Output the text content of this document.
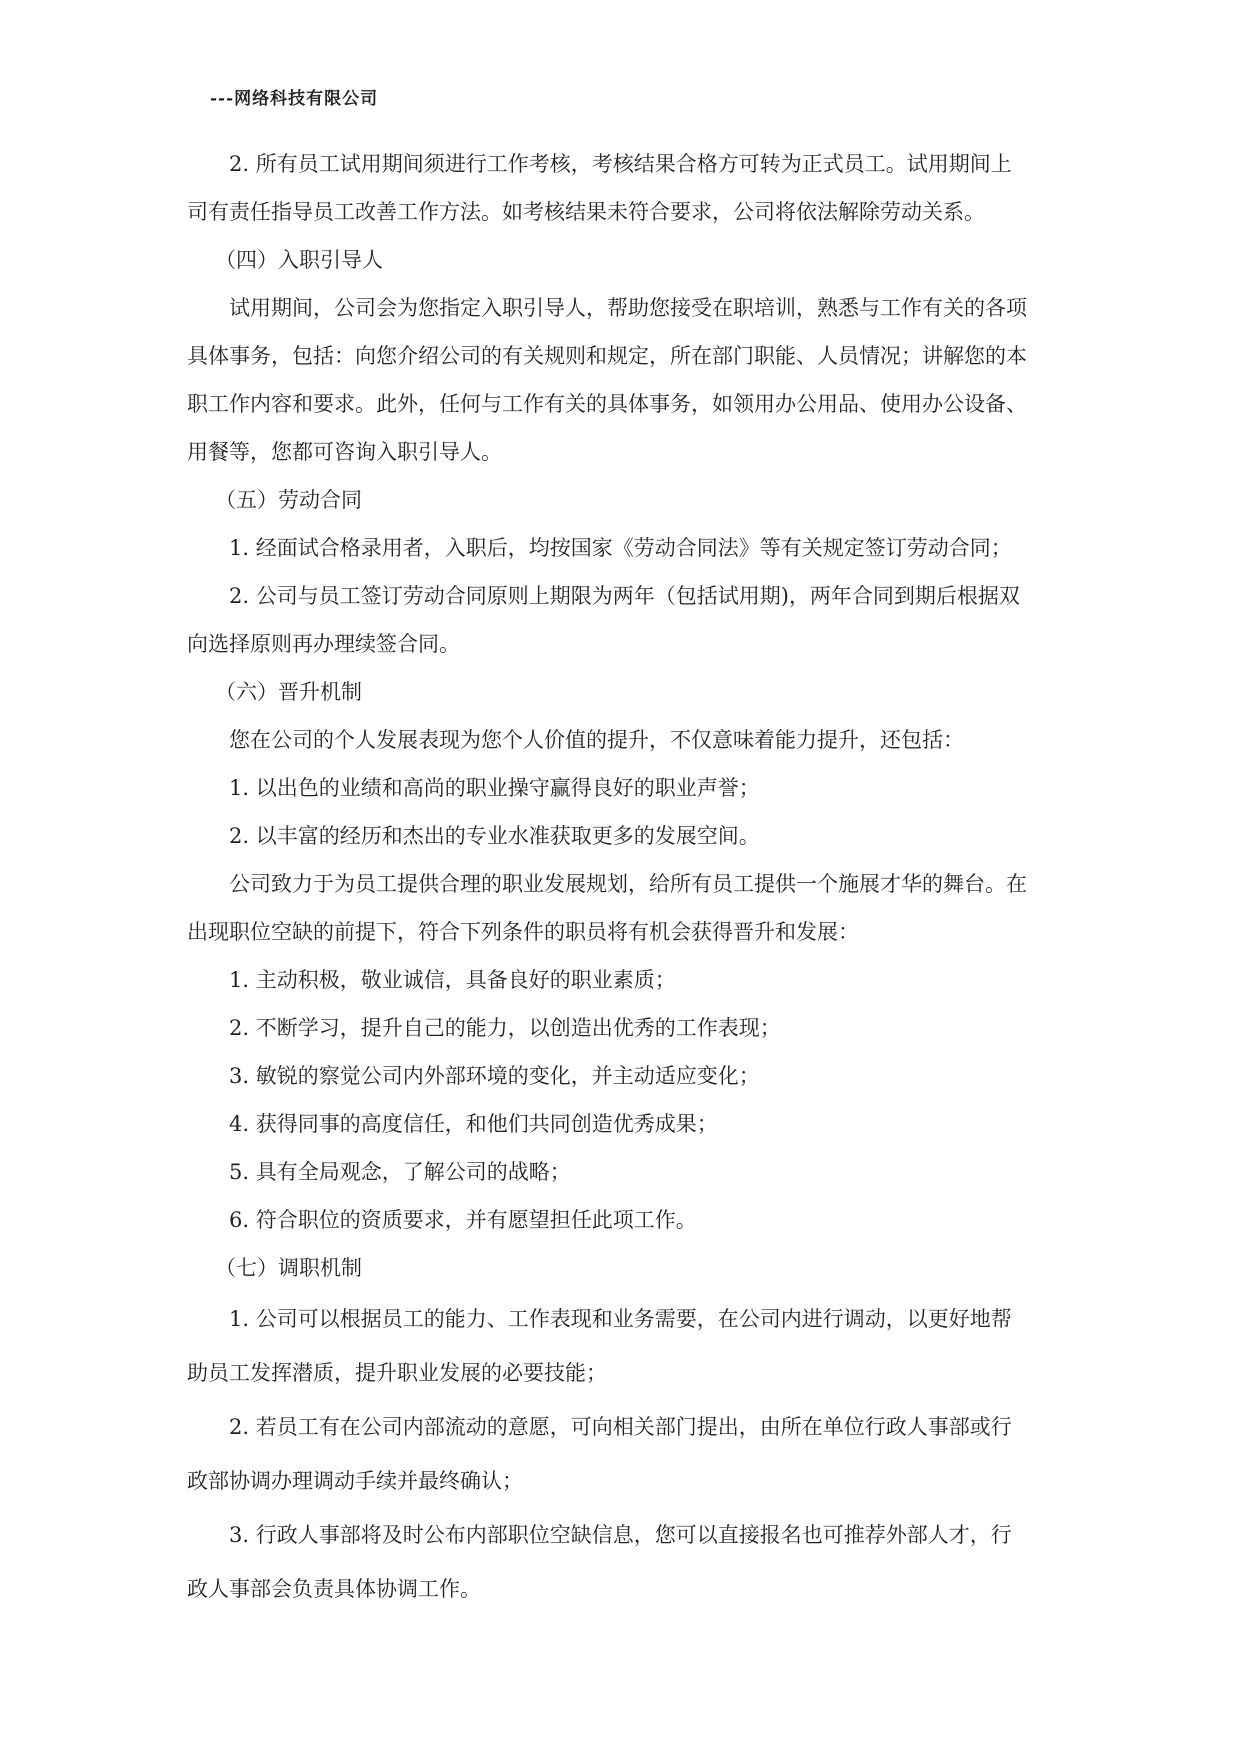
---网络科技有限公司
2. 所有员工试用期间须进行工作考核，考核结果合格方可转为正式员工。试用期间上
司有责任指导员工改善工作方法。如考核结果未符合要求，公司将依法解除劳动关系。
（四）入职引导人
试用期间，公司会为您指定入职引导人，帮助您接受在职培训，熟悉与工作有关的各项
具体事务，包括：向您介绍公司的有关规则和规定，所在部门职能、人员情况；讲解您的本
职工作内容和要求。此外，任何与工作有关的具体事务，如领用办公用品、使用办公设备、
用餐等，您都可咨询入职引导人。
（五）劳动合同
1. 经面试合格录用者，入职后，均按国家《劳动合同法》等有关规定签订劳动合同；
2. 公司与员工签订劳动合同原则上期限为两年（包括试用期)，两年合同到期后根据双
向选择原则再办理续签合同。
（六）晋升机制
您在公司的个人发展表现为您个人价值的提升，不仅意味着能力提升，还包括：
1. 以出色的业绩和高尚的职业操守赢得良好的职业声誉；
2. 以丰富的经历和杰出的专业水准获取更多的发展空间。
公司致力于为员工提供合理的职业发展规划，给所有员工提供一个施展才华的舞台。在
出现职位空缺的前提下，符合下列条件的职员将有机会获得晋升和发展：
1. 主动积极，敬业诚信，具备良好的职业素质；
2. 不断学习，提升自己的能力，以创造出优秀的工作表现；
3. 敏锐的察觉公司内外部环境的变化，并主动适应变化；
4. 获得同事的高度信任，和他们共同创造优秀成果；
5. 具有全局观念，了解公司的战略；
6. 符合职位的资质要求，并有愿望担任此项工作。
（七）调职机制
1. 公司可以根据员工的能力、工作表现和业务需要，在公司内进行调动，以更好地帮
助员工发挥潜质，提升职业发展的必要技能；
2. 若员工有在公司内部流动的意愿，可向相关部门提出，由所在单位行政人事部或行
政部协调办理调动手续并最终确认；
3. 行政人事部将及时公布内部职位空缺信息，您可以直接报名也可推荐外部人才，行
政人事部会负责具体协调工作。
